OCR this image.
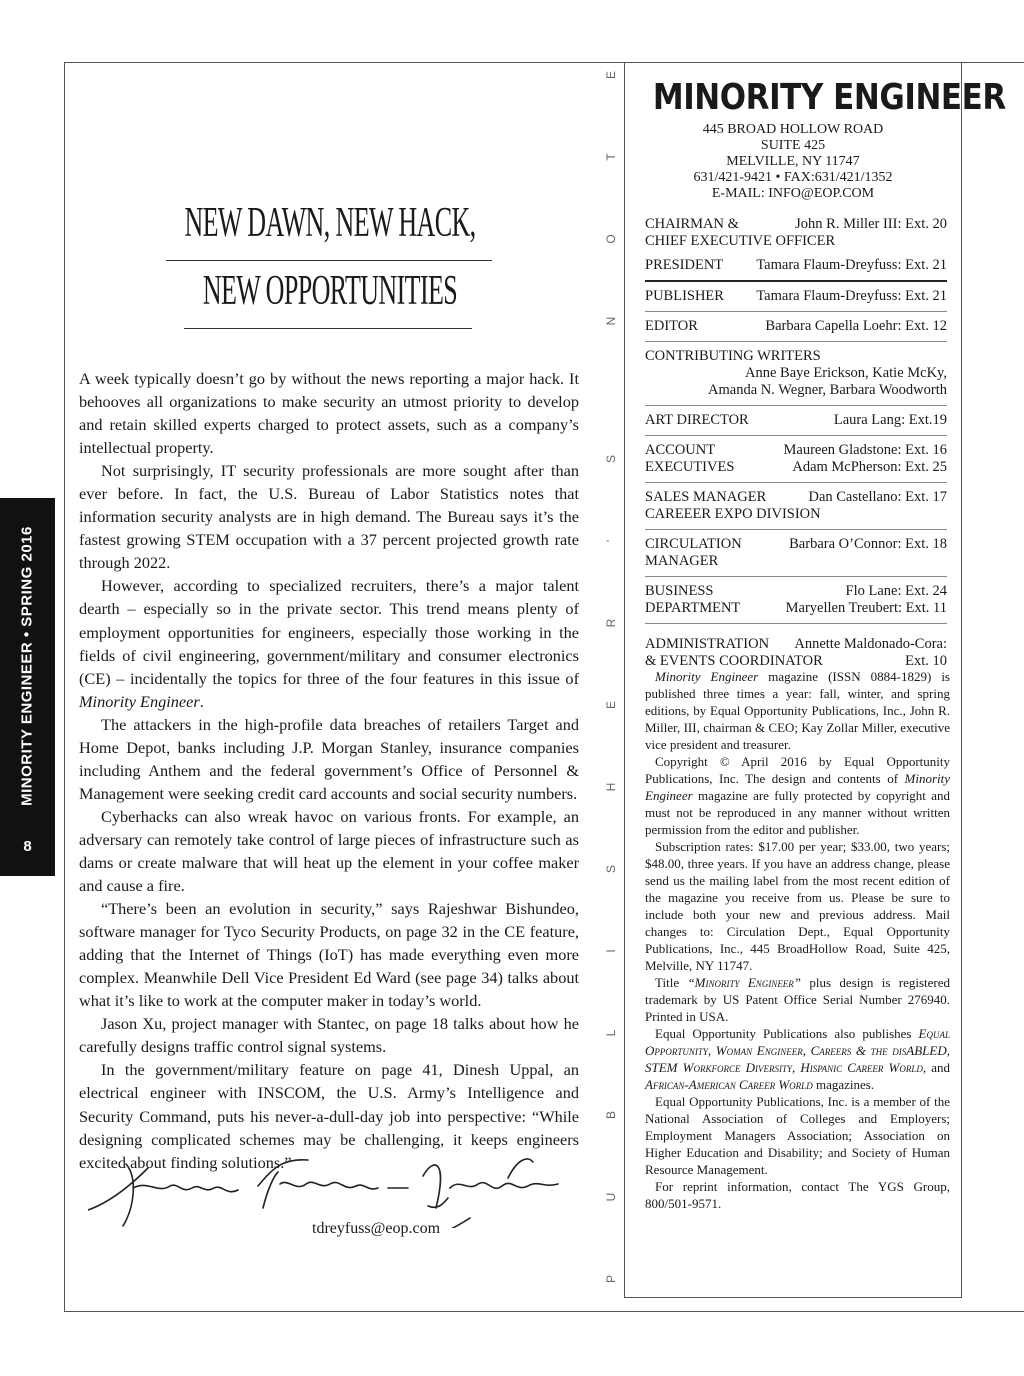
MINORITY ENGINEER • SPRING 2016
8
P
U
B
L
I
S
H
E
R
'
S
N
O
T
E
NEW DAWN, NEW HACK,
NEW OPPORTUNITIES

A week typically doesn’t go by without the news reporting a major hack. It behooves all organizations to make security an utmost priority to develop and retain skilled experts charged to protect assets, such as a company’s intellectual property.

Not surprisingly, IT security professionals are more sought after than ever before. In fact, the U.S. Bureau of Labor Statistics notes that information security analysts are in high demand. The Bureau says it’s the fastest growing STEM occupation with a 37 percent projected growth rate through 2022.

However, according to specialized recruiters, there’s a major talent dearth – especially so in the private sector. This trend means plenty of employment opportunities for engineers, especially those working in the fields of civil engineering, government/military and consumer electronics (CE) – incidentally the topics for three of the four features in this issue of Minority Engineer.

The attackers in the high-profile data breaches of retailers Target and Home Depot, banks including J.P. Morgan Stanley, insurance companies including Anthem and the federal government’s Office of Personnel & Management were seeking credit card accounts and social security numbers.

Cyberhacks can also wreak havoc on various fronts. For example, an adversary can remotely take control of large pieces of infrastructure such as dams or create malware that will heat up the element in your coffee maker and cause a fire.

“There’s been an evolution in security,” says Rajeshwar Bishundeo, software manager for Tyco Security Products, on page 32 in the CE feature, adding that the Internet of Things (IoT) has made everything even more complex. Meanwhile Dell Vice President Ed Ward (see page 34) talks about what it’s like to work at the computer maker in today’s world.

Jason Xu, project manager with Stantec, on page 18 talks about how he carefully designs traffic control signal systems.

In the government/military feature on page 41, Dinesh Uppal, an electrical engineer with INSCOM, the U.S. Army’s Intelligence and Security Command, puts his never-a-dull-day job into perspective: “While designing complicated schemes may be challenging, it keeps engineers excited about finding solutions.”

tdreyfuss@eop.com
MINORITY ENGINEER
445 BROAD HOLLOW ROAD
SUITE 425
MELVILLE, NY 11747
631/421-9421 • FAX:631/421/1352
E-MAIL: INFO@EOP.COM
CHAIRMAN &	John R. Miller III: Ext. 20
CHIEF EXECUTIVE OFFICER
PRESIDENT Tamara Flaum-Dreyfuss: Ext. 21
PUBLISHER Tamara Flaum-Dreyfuss: Ext. 21
EDITOR	Barbara Capella Loehr: Ext. 12
CONTRIBUTING WRITERS
Anne Baye Erickson, Katie McKy,
Amanda N. Wegner, Barbara Woodworth
ART DIRECTOR	Laura Lang: Ext.19
ACCOUNT	Maureen Gladstone: Ext. 16
EXECUTIVES	Adam McPherson: Ext. 25
SALES MANAGER	Dan Castellano: Ext. 17
CAREEER EXPO DIVISION
CIRCULATION	Barbara O’Connor: Ext. 18
MANAGER
BUSINESS	Flo Lane: Ext. 24
DEPARTMENT	Maryellen Treubert: Ext. 11
ADMINISTRATION Annette Maldonado-Cora:
& EVENTS COORDINATOR	Ext. 10

Minority Engineer magazine (ISSN 0884-1829) is published three times a year: fall, winter, and spring editions, by Equal Opportunity Publications, Inc., John R. Miller, III, chairman & CEO; Kay Zollar Miller, executive vice president and treasurer.

Copyright © April 2016 by Equal Opportunity Publications, Inc. The design and contents of Minority Engineer magazine are fully protected by copyright and must not be reproduced in any manner without written permission from the editor and publisher.

Subscription rates: $17.00 per year; $33.00, two years; $48.00, three years. If you have an address change, please send us the mailing label from the most recent edition of the magazine you receive from us. Please be sure to include both your new and previous address. Mail changes to: Circulation Dept., Equal Opportunity Publications, Inc., 445 BroadHollow Road, Suite 425, Melville, NY 11747.

Title “Minority Engineer” plus design is registered trademark by US Patent Office Serial Number 276940. Printed in USA.

Equal Opportunity Publications also publishes Equal Opportunity, Woman Engineer, Careers & the disABLED, STEM Workforce Diversity, Hispanic Career World, and African-American Career World magazines.

Equal Opportunity Publications, Inc. is a member of the National Association of Colleges and Employers; Employment Managers Association; Association on Higher Education and Disability; and Society of Human Resource Management.

For reprint information, contact The YGS Group, 800/501-9571.
